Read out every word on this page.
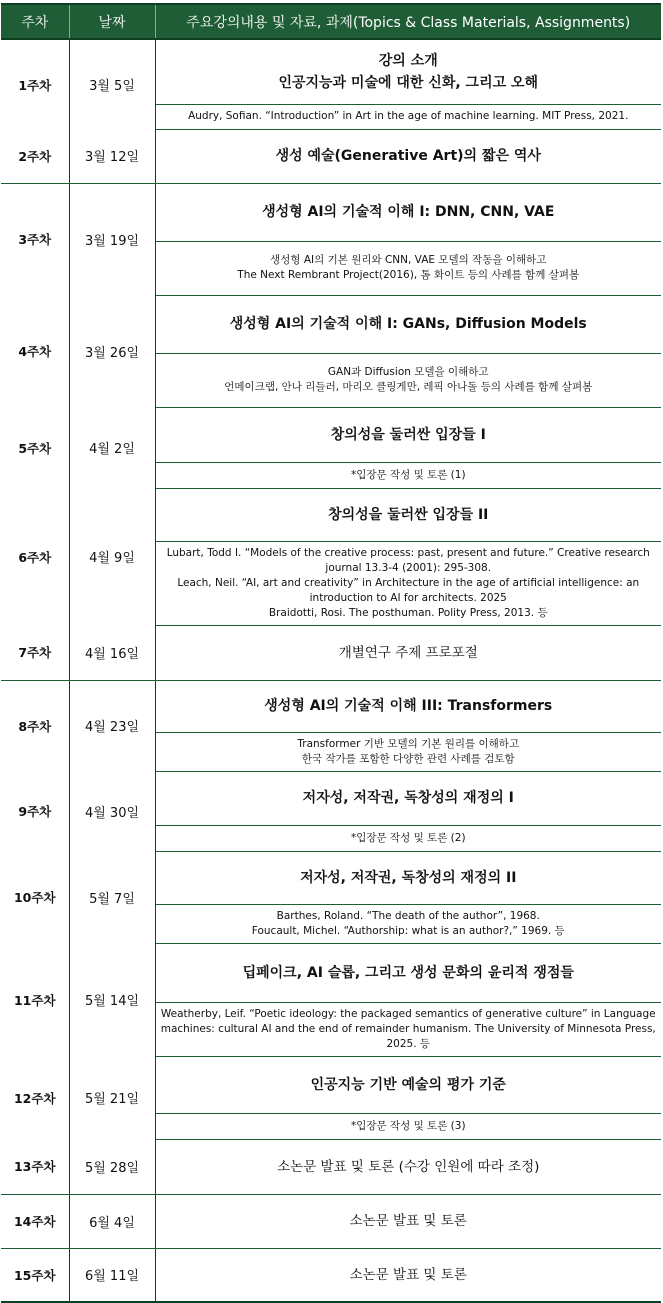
주차	날짜	주요강의내용 및 자료, 과제(Topics & Class Materials, Assignments)
1주차	3월 5일	강의 소개
인공지능과 미술에 대한 신화, 그리고 오해
		Audry, Sofian. “Introduction” in Art in the age of machine learning. MIT Press, 2021.
2주차	3월 12일	생성 예술(Generative Art)의 짧은 역사
3주차	3월 19일	생성형 AI의 기술적 이해 I: DNN, CNN, VAE
		생성형 AI의 기본 원리와 CNN, VAE 모델의 작동을 이해하고
The Next Rembrant Project(2016), 톰 화이트 등의 사례를 함께 살펴봄
4주차	3월 26일	생성형 AI의 기술적 이해 I: GANs, Diffusion Models
		GAN과 Diffusion 모델을 이해하고
언메이크랩, 안나 리들러, 마리오 클링게만, 레픽 아나돌 등의 사례를 함께 살펴봄
5주차	4월 2일	창의성을 둘러싼 입장들 I
		*입장문 작성 및 토론 (1)
6주차	4월 9일	창의성을 둘러싼 입장들 II
		Lubart, Todd I. “Models of the creative process: past, present and future.” Creative research journal 13.3-4 (2001): 295-308.
Leach, Neil. “AI, art and creativity” in Architecture in the age of artificial intelligence: an introduction to AI for architects. 2025
Braidotti, Rosi. The posthuman. Polity Press, 2013. 등
7주차	4월 16일	개별연구 주제 프로포절
8주차	4월 23일	생성형 AI의 기술적 이해 III: Transformers
		Transformer 기반 모델의 기본 원리를 이해하고
한국 작가를 포함한 다양한 관련 사례를 검토함
9주차	4월 30일	저자성, 저작권, 독창성의 재정의 I
		*입장문 작성 및 토론 (2)
10주차	5월 7일	저자성, 저작권, 독창성의 재정의 II
		Barthes, Roland. “The death of the author”, 1968.
Foucault, Michel. “Authorship: what is an author?,” 1969. 등
11주차	5월 14일	딥페이크, AI 슬롭, 그리고 생성 문화의 윤리적 쟁점들
		Weatherby, Leif. “Poetic ideology: the packaged semantics of generative culture” in Language machines: cultural AI and the end of remainder humanism. The University of Minnesota Press, 2025. 등
12주차	5월 21일	인공지능 기반 예술의 평가 기준
		*입장문 작성 및 토론 (3)
13주차	5월 28일	소논문 발표 및 토론 (수강 인원에 따라 조정)
14주차	6월 4일	소논문 발표 및 토론
15주차	6월 11일	소논문 발표 및 토론
